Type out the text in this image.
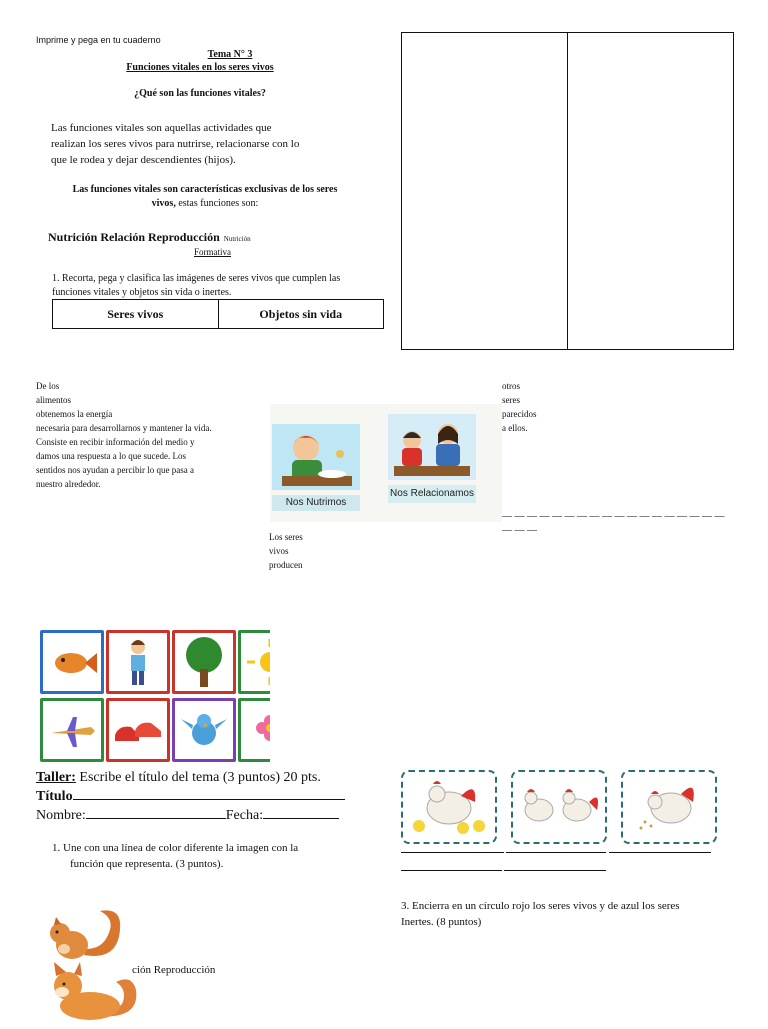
Imprime y pega en tu cuaderno
Tema N° 3
Funciones vitales en los seres vivos
¿Qué son las funciones vitales?
Las funciones vitales son aquellas actividades que
realizan los seres vivos para nutrirse, relacionarse con lo
que le rodea y dejar descendientes (hijos).
Las funciones vitales son características exclusivas de los seres
vivos, estas funciones son:
Nutrición Relación Reproducción Nutrición
Formativa
1. Recorta, pega y clasifica las imágenes de seres vivos que cumplen las
funciones vitales y objetos sin vida o inertes.
Seres vivos	Objetos sin vida
De los
alimentos
obtenemos la energía
necesaria para desarrollarnos y mantener la vida.
Consiste en recibir información del medio y
damos una respuesta a lo que sucede. Los
sentidos nos ayudan a percibir lo que pasa a
nuestro alrededor.
Nos Nutrimos
Nos Relacionamos
Los seres
vivos
producen
otros
seres
parecidos
a ellos.
— — — — — — — — — — — — — — — — — — — — —
Taller: Escribe el título del tema (3 puntos) 20 pts.
Título
Nombre:	Fecha:
1. Une con una línea de color diferente la imagen con la
función que representa. (3 puntos).
ción Reproducción
3. Encierra en un círculo rojo los seres vivos y de azul los seres
Inertes. (8 puntos)
